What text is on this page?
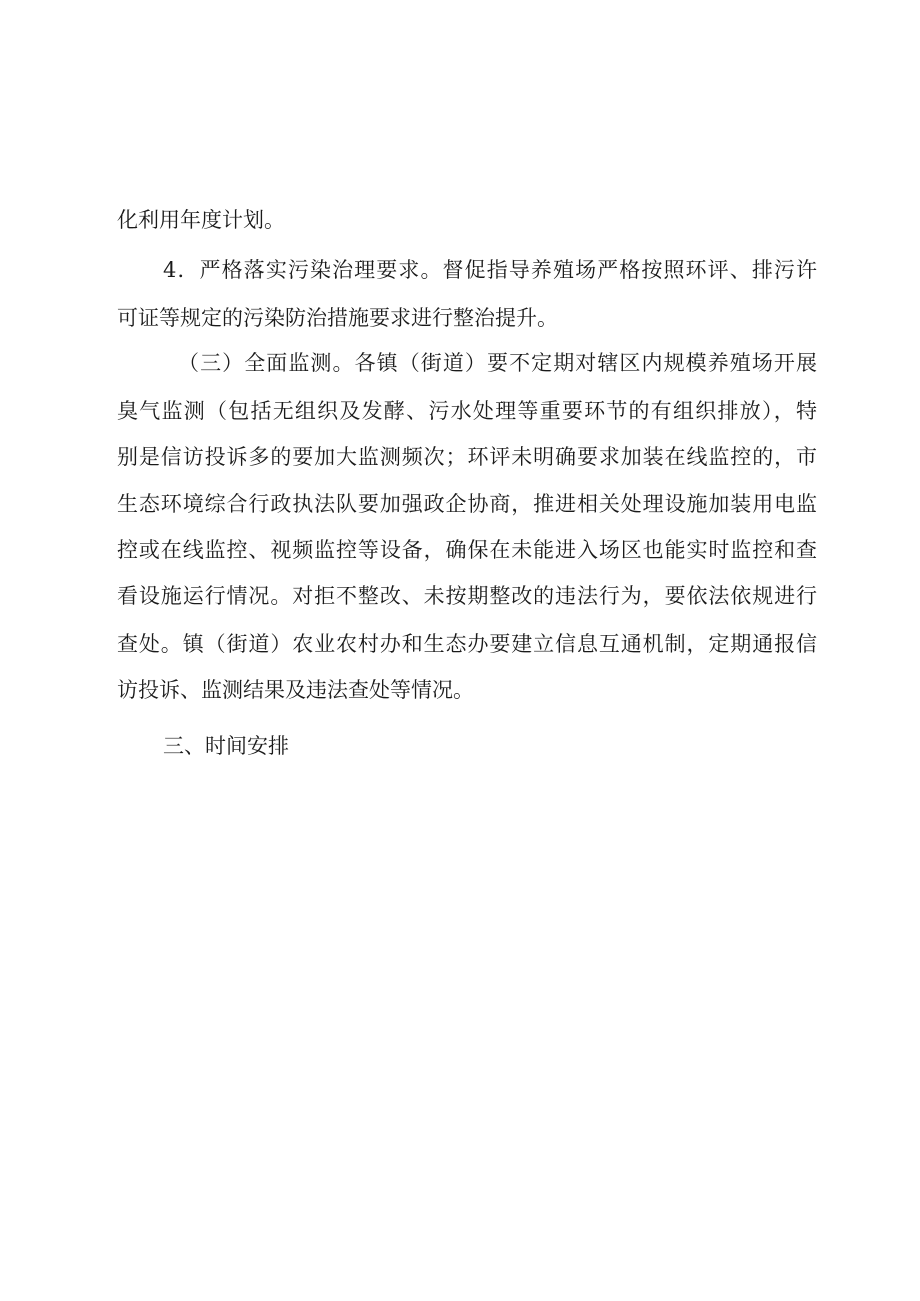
化利用年度计划。

4．严格落实污染治理要求。督促指导养殖场严格按照环评、排污许

可证等规定的污染防治措施要求进行整治提升。

（三）全面监测。各镇（街道）要不定期对辖区内规模养殖场开展

臭气监测（包括无组织及发酵、污水处理等重要环节的有组织排放），特

别是信访投诉多的要加大监测频次；环评未明确要求加装在线监控的，市

生态环境综合行政执法队要加强政企协商，推进相关处理设施加装用电监

控或在线监控、视频监控等设备，确保在未能进入场区也能实时监控和查

看设施运行情况。对拒不整改、未按期整改的违法行为，要依法依规进行

查处。镇（街道）农业农村办和生态办要建立信息互通机制，定期通报信

访投诉、监测结果及违法查处等情况。

三、时间安排
